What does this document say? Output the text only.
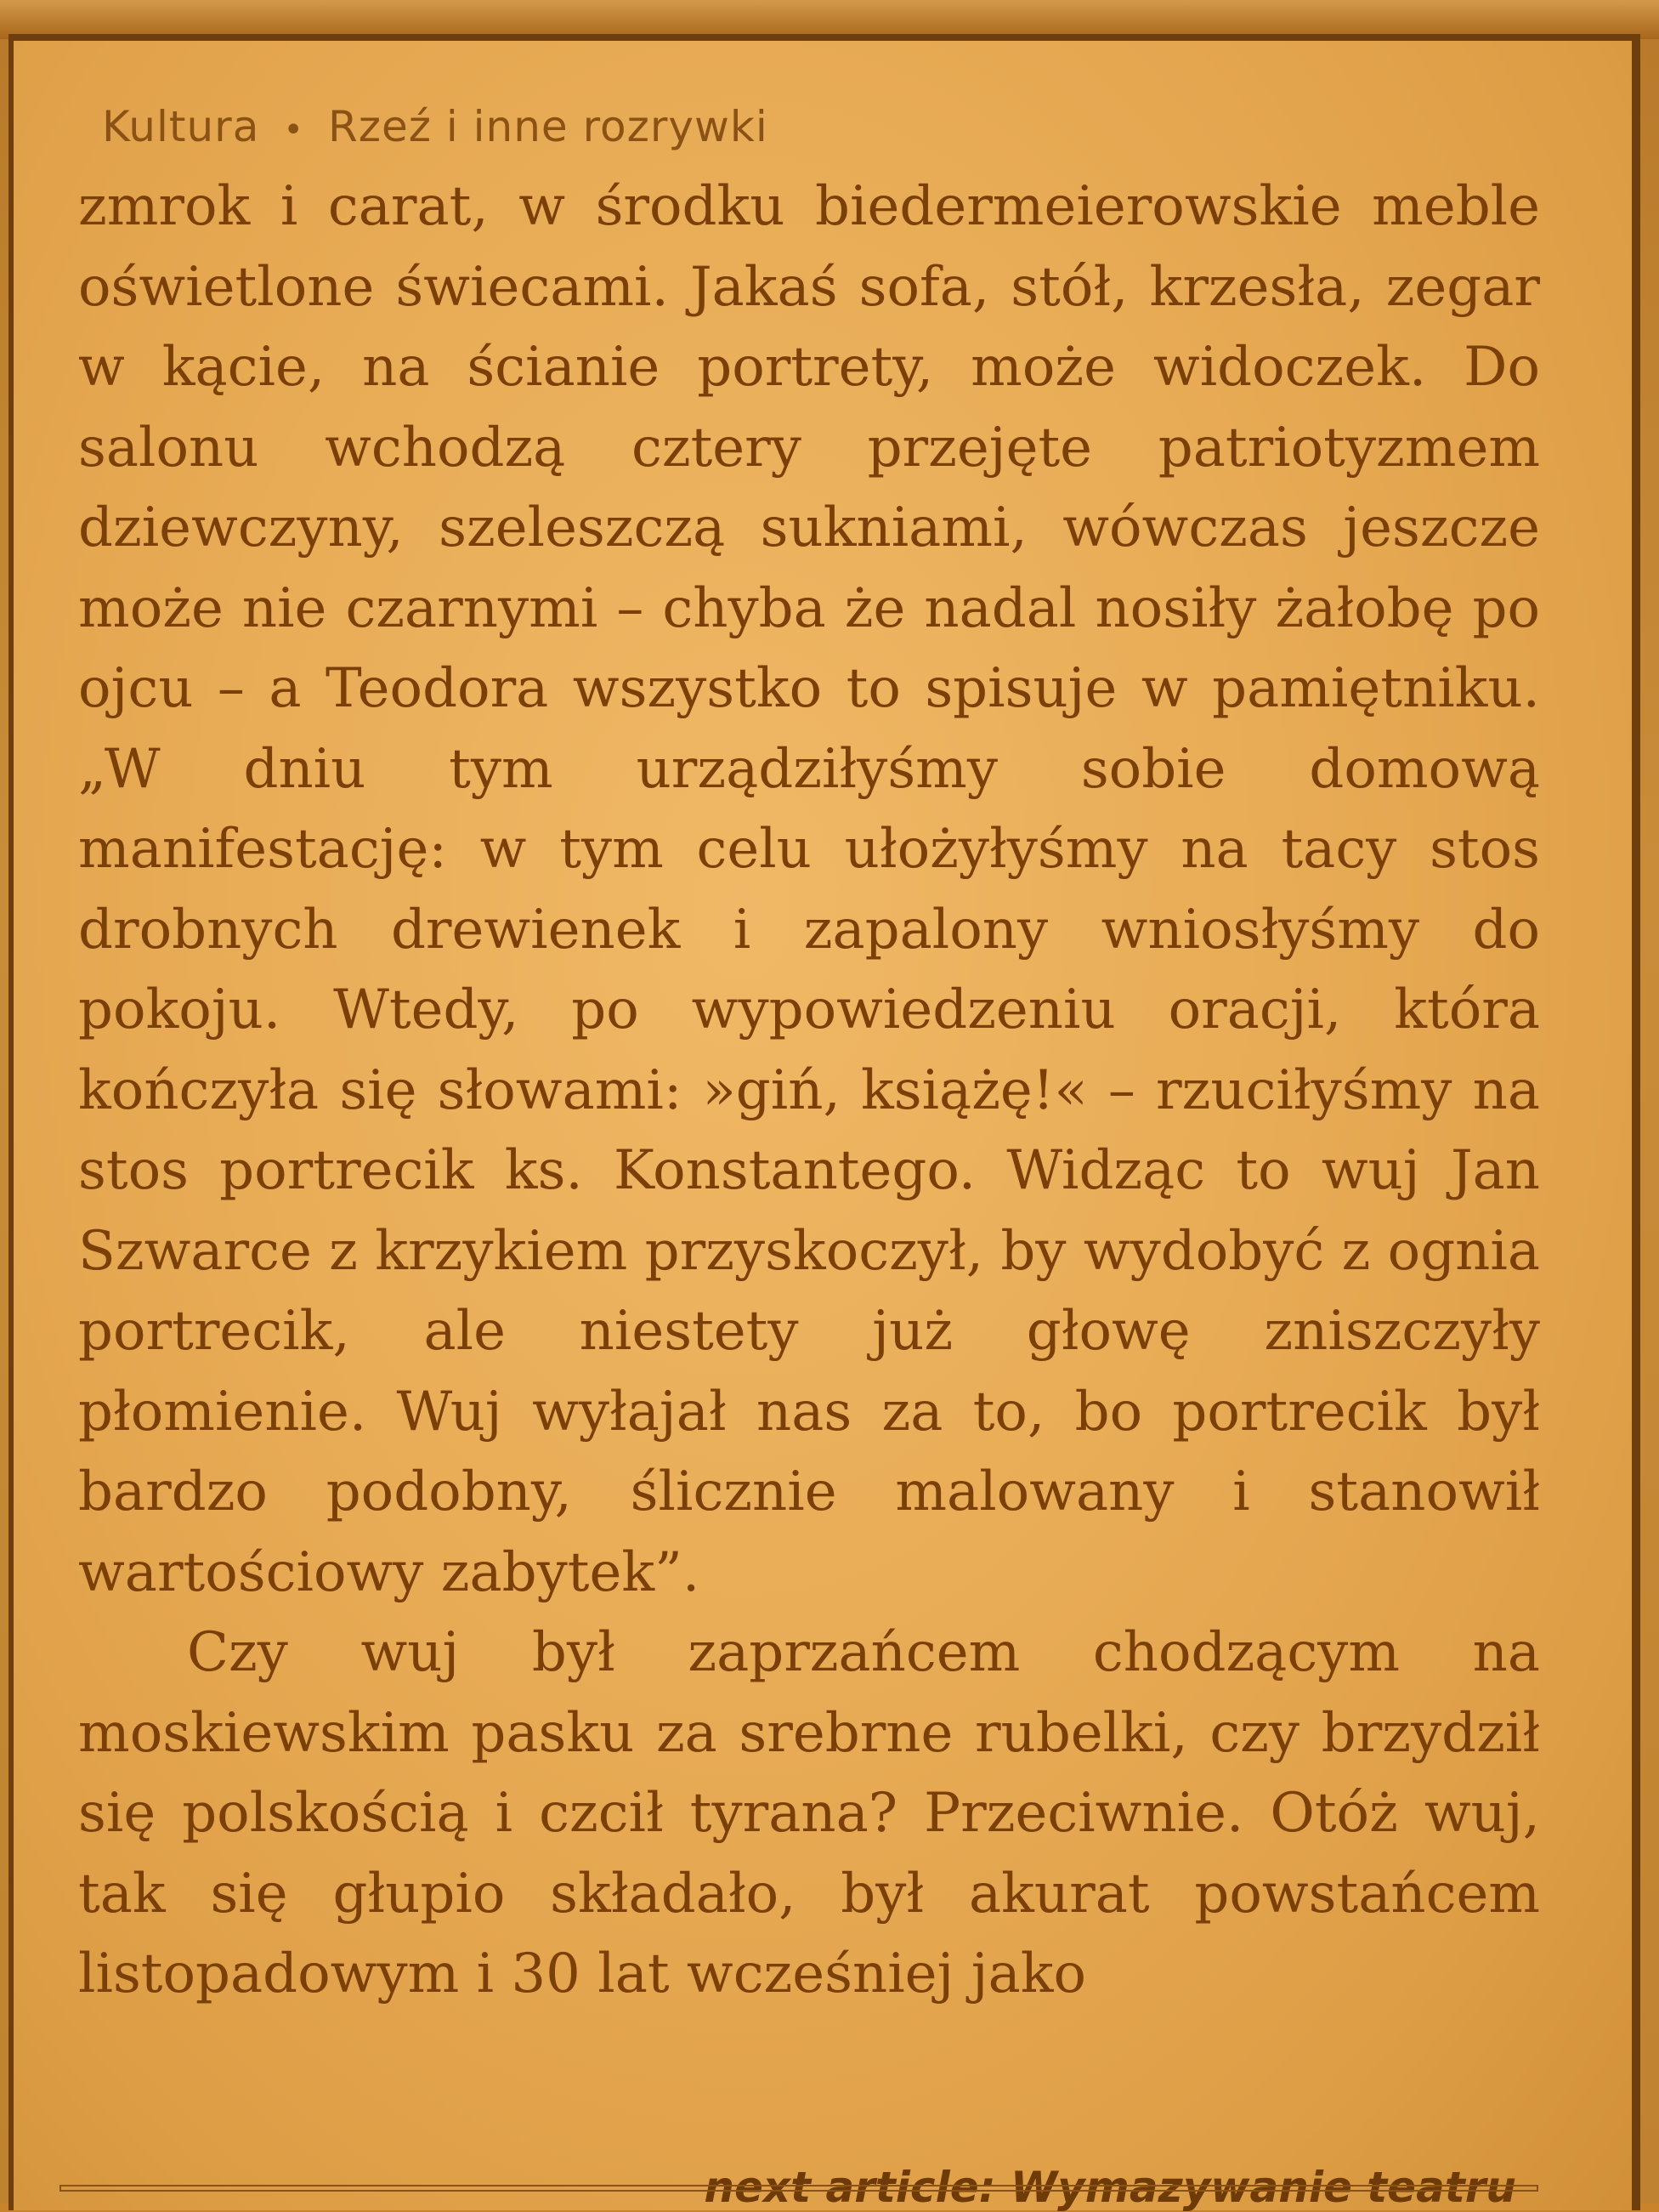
Kultura • Rzeź i inne rozrywki

zmrok i carat, w środku biedermeierowskie meble oświetlone świecami. Jakaś sofa, stół, krzesła, zegar w kącie, na ścianie portrety, może widoczek. Do salonu wchodzą cztery przejęte patriotyzmem dziewczyny, szeleszczą sukniami, wówczas jeszcze może nie czarnymi – chyba że nadal nosiły żałobę po ojcu – a Teodora wszystko to spisuje w pamiętniku. „W dniu tym urządziłyśmy sobie domową manifestację: w tym celu ułożyłyśmy na tacy stos drobnych drewienek i zapalony wniosłyśmy do pokoju. Wtedy, po wypowiedzeniu oracji, która kończyła się słowami: »giń, książę!« – rzuciłyśmy na stos portrecik ks. Konstantego. Widząc to wuj Jan Szwarce z krzykiem przyskoczył, by wydobyć z ognia portrecik, ale niestety już głowę zniszczyły płomienie. Wuj wyłajał nas za to, bo portrecik był bardzo podobny, ślicznie malowany i stanowił wartościowy zabytek”.

Czy wuj był zaprzańcem chodzącym na moskiewskim pasku za srebrne rubelki, czy brzydził się polskością i czcił tyrana? Przeciwnie. Otóż wuj, tak się głupio składało, był akurat powstańcem listopadowym i 30 lat wcześniej jako

next article: Wymazywanie teatru
